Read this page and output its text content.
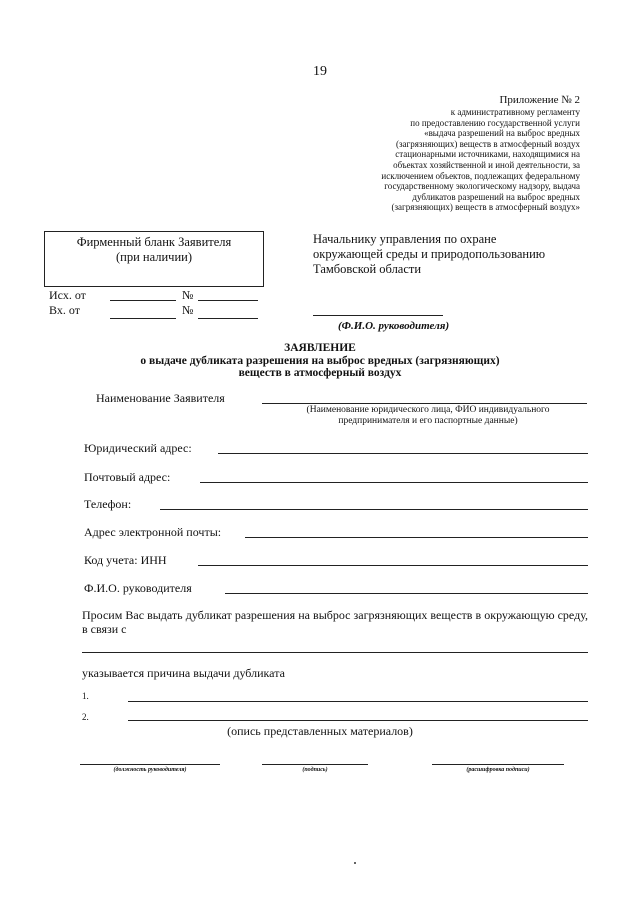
19
Приложение № 2
к административному регламенту
по предоставлению государственной услуги
«выдача разрешений на выброс вредных
(загрязняющих) веществ в атмосферный воздух
стационарными источниками, находящимися на
объектах хозяйственной и иной деятельности, за
исключением объектов, подлежащих федеральному
государственному экологическому надзору, выдача
дубликатов разрешений на выброс вредных
(загрязняющих) веществ в атмосферный воздух»
Фирменный бланк Заявителя
(при наличии)
Исх. от	№
Вх. от	№
Начальнику управления по охране
окружающей среды и природопользованию
Тамбовской области
(Ф.И.О. руководителя)
ЗАЯВЛЕНИЕ
о выдаче дубликата разрешения на выброс вредных (загрязняющих)
веществ в атмосферный воздух
Наименование Заявителя
(Наименование юридического лица, ФИО индивидуального
предпринимателя и его паспортные данные)
Юридический адрес:
Почтовый адрес:
Телефон:
Адрес электронной почты:
Код учета: ИНН
Ф.И.О. руководителя
Просим Вас выдать дубликат разрешения на выброс загрязняющих веществ в окружающую среду, в связи с
указывается причина выдачи дубликата
1.
2.
(опись представленных материалов)
(должность руководителя)	(подпись)	(расшифровка подписи)
